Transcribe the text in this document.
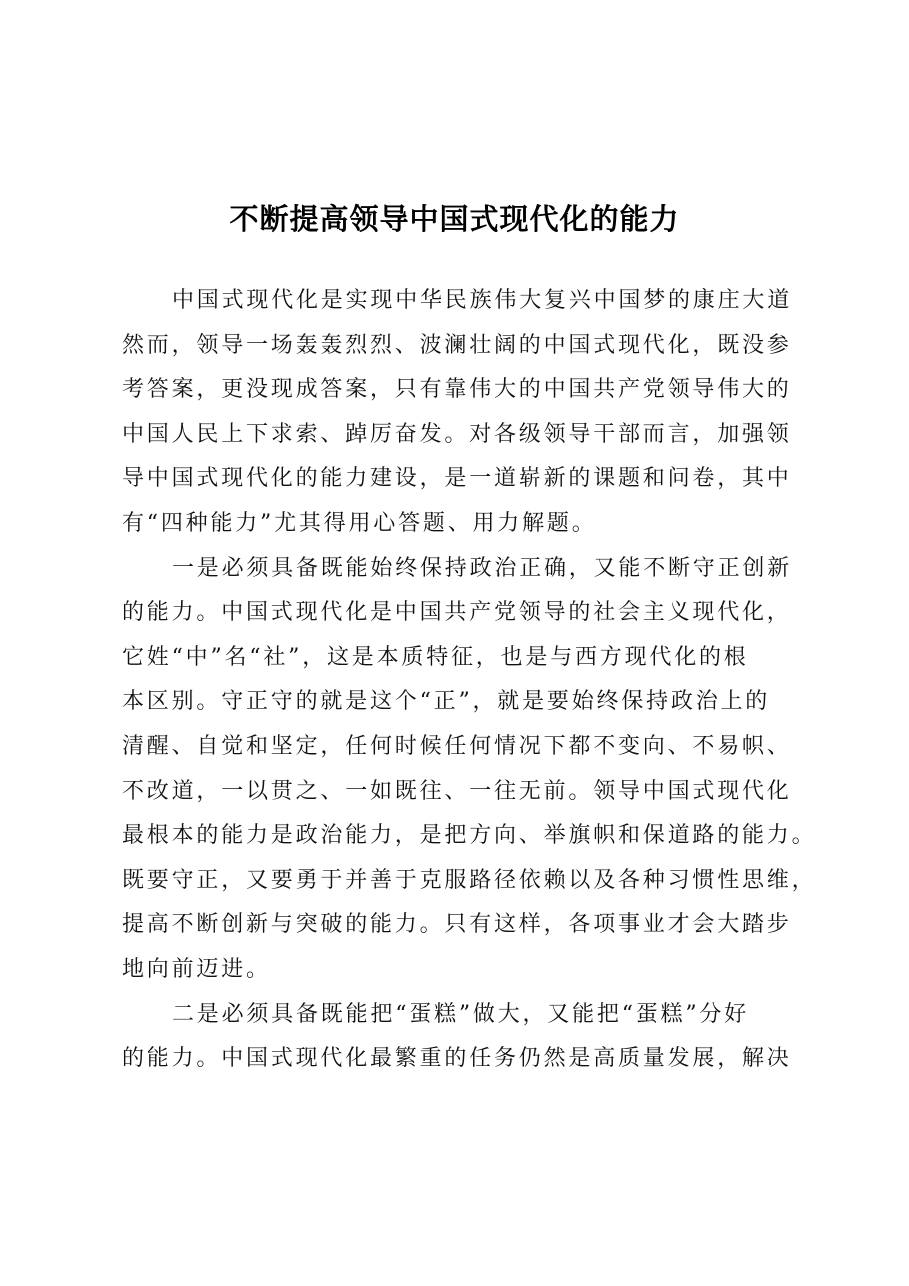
不断提高领导中国式现代化的能力
中国式现代化是实现中华民族伟大复兴中国梦的康庄大道
然而，领导一场轰轰烈烈、波澜壮阔的中国式现代化，既没参
考答案，更没现成答案，只有靠伟大的中国共产党领导伟大的
中国人民上下求索、踔厉奋发。对各级领导干部而言，加强领
导中国式现代化的能力建设，是一道崭新的课题和问卷，其中
有“四种能力”尤其得用心答题、用力解题。
一是必须具备既能始终保持政治正确，又能不断守正创新
的能力。中国式现代化是中国共产党领导的社会主义现代化，
它姓“中”名“社”，这是本质特征，也是与西方现代化的根
本区别。守正守的就是这个“正”，就是要始终保持政治上的
清醒、自觉和坚定，任何时候任何情况下都不变向、不易帜、
不改道，一以贯之、一如既往、一往无前。领导中国式现代化
最根本的能力是政治能力，是把方向、举旗帜和保道路的能力。
既要守正，又要勇于并善于克服路径依赖以及各种习惯性思维，
提高不断创新与突破的能力。只有这样，各项事业才会大踏步
地向前迈进。
二是必须具备既能把“蛋糕”做大，又能把“蛋糕”分好
的能力。中国式现代化最繁重的任务仍然是高质量发展，解决
